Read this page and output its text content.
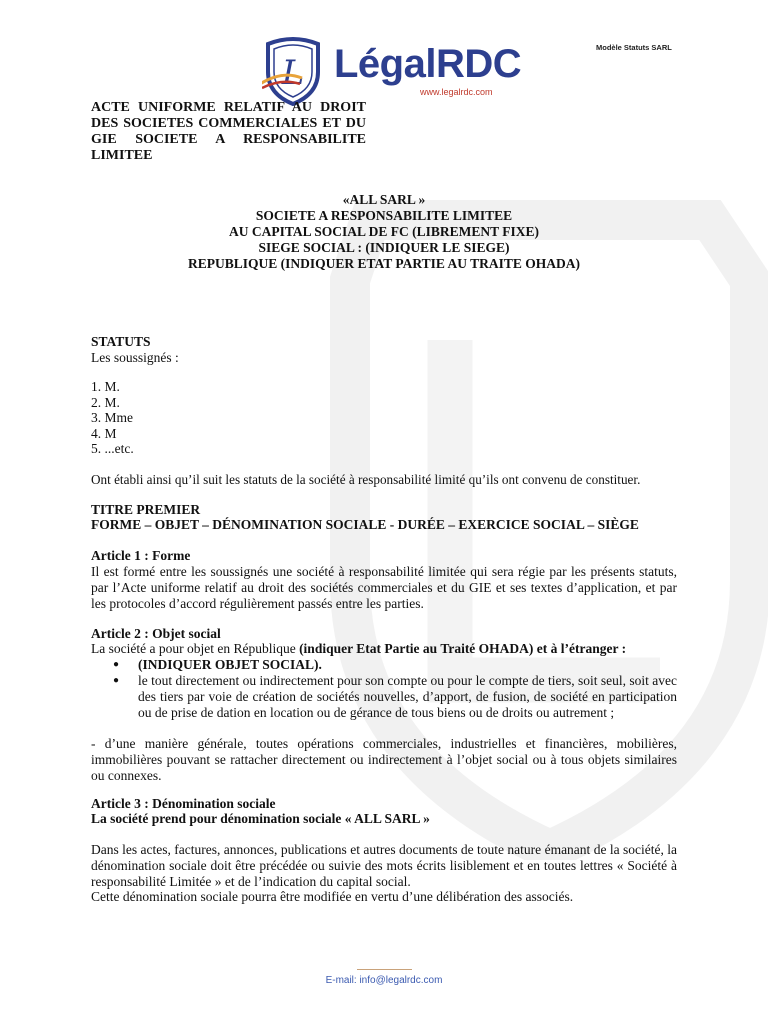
L LégalRDC
www.legalrdc.com
Modèle Statuts SARL
ACTE UNIFORME RELATIF AU DROIT DES SOCIETES COMMERCIALES ET DU GIE SOCIETE A RESPONSABILITE LIMITEE
«ALL SARL »
SOCIETE A RESPONSABILITE LIMITEE
AU CAPITAL SOCIAL DE FC (LIBREMENT FIXE)
SIEGE SOCIAL : (INDIQUER LE SIEGE)
REPUBLIQUE (INDIQUER ETAT PARTIE AU TRAITE OHADA)
STATUTS
Les soussignés :
1. M.
2. M.
3. Mme
4. M
5. ...etc.
Ont établi ainsi qu’il suit les statuts de la société à responsabilité limité qu’ils ont convenu de constituer.
TITRE PREMIER
FORME – OBJET – DÉNOMINATION SOCIALE - DURÉE – EXERCICE SOCIAL – SIÈGE
Article 1 : Forme
Il est formé entre les soussignés une société à responsabilité limitée qui sera régie par les présents statuts, par l’Acte uniforme relatif au droit des sociétés commerciales et du GIE et ses textes d’application, et par les protocoles d’accord régulièrement passés entre les parties.
Article 2 : Objet social
La société a pour objet en République (indiquer Etat Partie au Traité OHADA) et à l’étranger :
● (INDIQUER OBJET SOCIAL).
● le tout directement ou indirectement pour son compte ou pour le compte de tiers, soit seul, soit avec des tiers par voie de création de sociétés nouvelles, d’apport, de fusion, de société en participation ou de prise de dation en location ou de gérance de tous biens ou de droits ou autrement ;
- d’une manière générale, toutes opérations commerciales, industrielles et financières, mobilières, immobilières pouvant se rattacher directement ou indirectement à l’objet social ou à tous objets similaires ou connexes.
Article 3 : Dénomination sociale
La société prend pour dénomination sociale « ALL SARL »
Dans les actes, factures, annonces, publications et autres documents de toute nature émanant de la société, la dénomination sociale doit être précédée ou suivie des mots écrits lisiblement et en toutes lettres « Société à responsabilité Limitée » et de l’indication du capital social.
Cette dénomination sociale pourra être modifiée en vertu d’une délibération des associés.
E-mail: info@legalrdc.com
